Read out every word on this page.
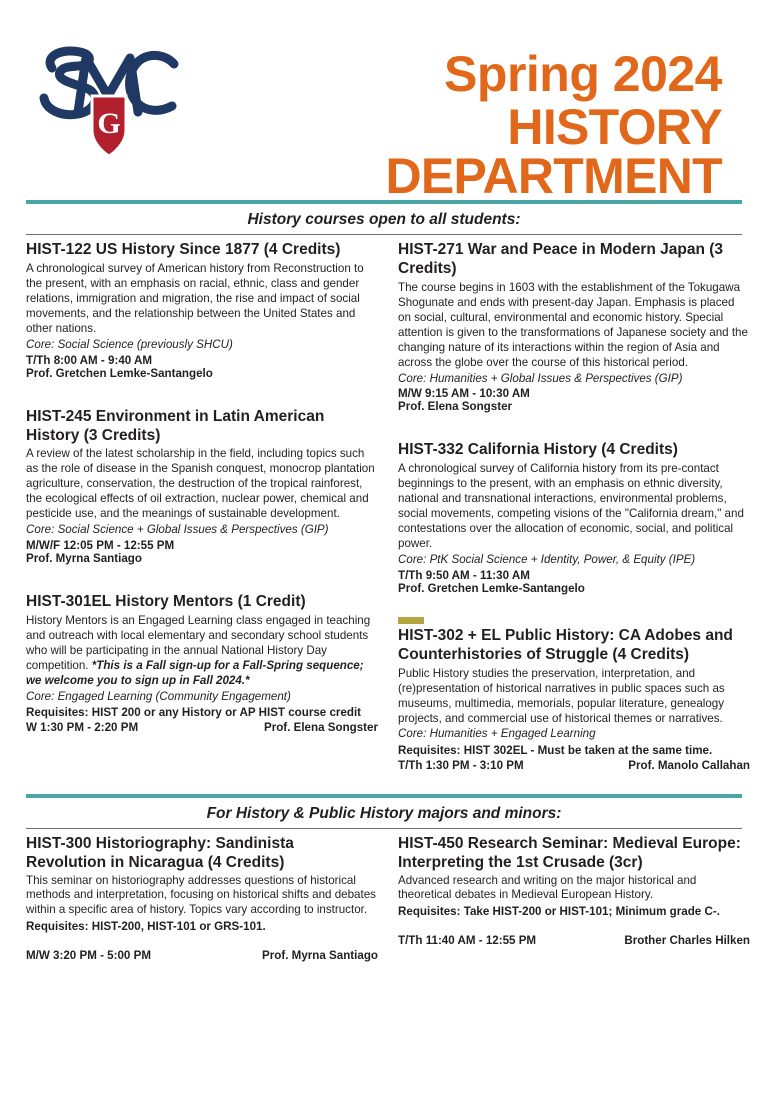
G
Spring 2024
HISTORY DEPARTMENT
History courses open to all students:
HIST-122 US History Since 1877 (4 Credits)
A chronological survey of American history from Reconstruction to the present, with an emphasis on racial, ethnic, class and gender relations, immigration and migration, the rise and impact of social movements, and the relationship between the United States and other nations.
Core: Social Science (previously SHCU)
T/Th 8:00 AM - 9:40 AM
Prof. Gretchen Lemke-Santangelo
HIST-245 Environment in Latin American History (3 Credits)
A review of the latest scholarship in the field, including topics such as the role of disease in the Spanish conquest, monocrop plantation agriculture, conservation, the destruction of the tropical rainforest, the ecological effects of oil extraction, nuclear power, chemical and pesticide use, and the meanings of sustainable development.
Core: Social Science + Global Issues & Perspectives (GIP)
M/W/F 12:05 PM - 12:55 PM
Prof. Myrna Santiago
HIST-301EL History Mentors (1 Credit)
History Mentors is an Engaged Learning class engaged in teaching and outreach with local elementary and secondary school students who will be participating in the annual National History Day competition. *This is a Fall sign-up for a Fall-Spring sequence; we welcome you to sign up in Fall 2024.*
Core: Engaged Learning (Community Engagement)
Requisites: HIST 200 or any History or AP HIST course credit
W 1:30 PM - 2:20 PM	Prof. Elena Songster
HIST-271 War and Peace in Modern Japan (3 Credits)
The course begins in 1603 with the establishment of the Tokugawa Shogunate and ends with present-day Japan. Emphasis is placed on social, cultural, environmental and economic history. Special attention is given to the transformations of Japanese society and the changing nature of its interactions within the region of Asia and across the globe over the course of this historical period.
Core: Humanities + Global Issues & Perspectives (GIP)
M/W 9:15 AM - 10:30 AM
Prof. Elena Songster
HIST-332 California History (4 Credits)
A chronological survey of California history from its pre-contact beginnings to the present, with an emphasis on ethnic diversity, national and transnational interactions, environmental problems, social movements, competing visions of the "California dream," and contestations over the allocation of economic, social, and political power.
Core: PtK Social Science + Identity, Power, & Equity (IPE)
T/Th 9:50 AM - 11:30 AM
Prof. Gretchen Lemke-Santangelo
HIST-302 + EL Public History: CA Adobes and Counterhistories of Struggle (4 Credits)
Public History studies the preservation, interpretation, and (re)presentation of historical narratives in public spaces such as museums, multimedia, memorials, popular literature, genealogy projects, and commercial use of historical themes or narratives. Core: Humanities + Engaged Learning
Requisites: HIST 302EL - Must be taken at the same time.
T/Th 1:30 PM - 3:10 PM	Prof. Manolo Callahan
For History & Public History majors and minors:
HIST-300 Historiography: Sandinista Revolution in Nicaragua (4 Credits)
This seminar on historiography addresses questions of historical methods and interpretation, focusing on historical shifts and debates within a specific area of history. Topics vary according to instructor.
Requisites: HIST-200, HIST-101 or GRS-101.
M/W 3:20 PM - 5:00 PM	Prof. Myrna Santiago
HIST-450 Research Seminar: Medieval Europe: Interpreting the 1st Crusade (3cr)
Advanced research and writing on the major historical and theoretical debates in Medieval European History.
Requisites: Take HIST-200 or HIST-101; Minimum grade C-.
T/Th 11:40 AM - 12:55 PM	Brother Charles Hilken
